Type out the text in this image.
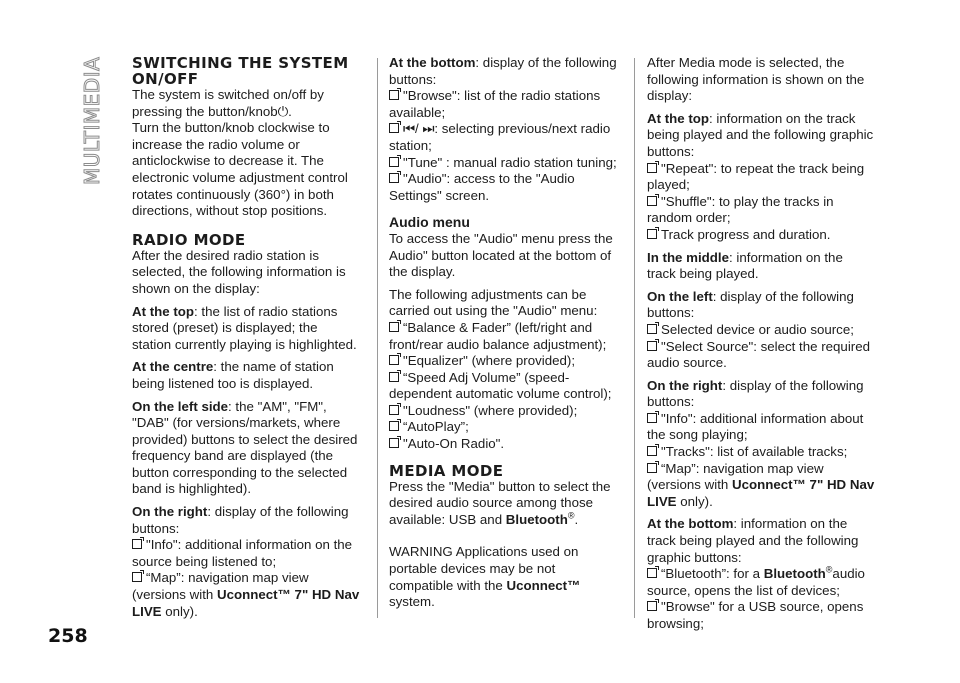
MULTIMEDIA
258

SWITCHING THE SYSTEM ON/OFF

The system is switched on/off by pressing the button/knob⏻.

Turn the button/knob clockwise to increase the radio volume or anticlockwise to decrease it. The electronic volume adjustment control rotates continuously (360°) in both directions, without stop positions.

RADIO MODE

After the desired radio station is selected, the following information is shown on the display:

At the top: the list of radio stations stored (preset) is displayed; the station currently playing is highlighted.

At the centre: the name of station being listened too is displayed.

On the left side: the "AM", "FM", "DAB" (for versions/markets, where provided) buttons to select the desired frequency band are displayed (the button corresponding to the selected band is highlighted).

On the right: display of the following buttons:

"Info": additional information on the source being listened to;

“Map”: navigation map view (versions with Uconnect™ 7" HD Nav LIVE only).

At the bottom: display of the following buttons:

"Browse": list of the radio stations available;

⏮/ ⏭: selecting previous/next radio station;

"Tune" : manual radio station tuning;

"Audio": access to the "Audio Settings" screen.

Audio menu

To access the "Audio" menu press the Audio" button located at the bottom of the display.

The following adjustments can be carried out using the "Audio" menu:

“Balance & Fader” (left/right and front/rear audio balance adjustment);

"Equalizer" (where provided);

“Speed Adj Volume” (speed-dependent automatic volume control);

"Loudness" (where provided);

“AutoPlay”;

"Auto-On Radio".

MEDIA MODE

Press the "Media" button to select the desired audio source among those available: USB and Bluetooth®.

WARNING Applications used on portable devices may be not compatible with the Uconnect™ system.

After Media mode is selected, the following information is shown on the display:

At the top: information on the track being played and the following graphic buttons:

"Repeat": to repeat the track being played;

"Shuffle": to play the tracks in random order;

Track progress and duration.

In the middle: information on the track being played.

On the left: display of the following buttons:

Selected device or audio source;

"Select Source": select the required audio source.

On the right: display of the following buttons:

"Info": additional information about the song playing;

"Tracks": list of available tracks;

“Map”: navigation map view (versions with Uconnect™ 7" HD Nav LIVE only).

At the bottom: information on the track being played and the following graphic buttons:

“Bluetooth”: for a Bluetooth®audio source, opens the list of devices;

"Browse" for a USB source, opens browsing;
